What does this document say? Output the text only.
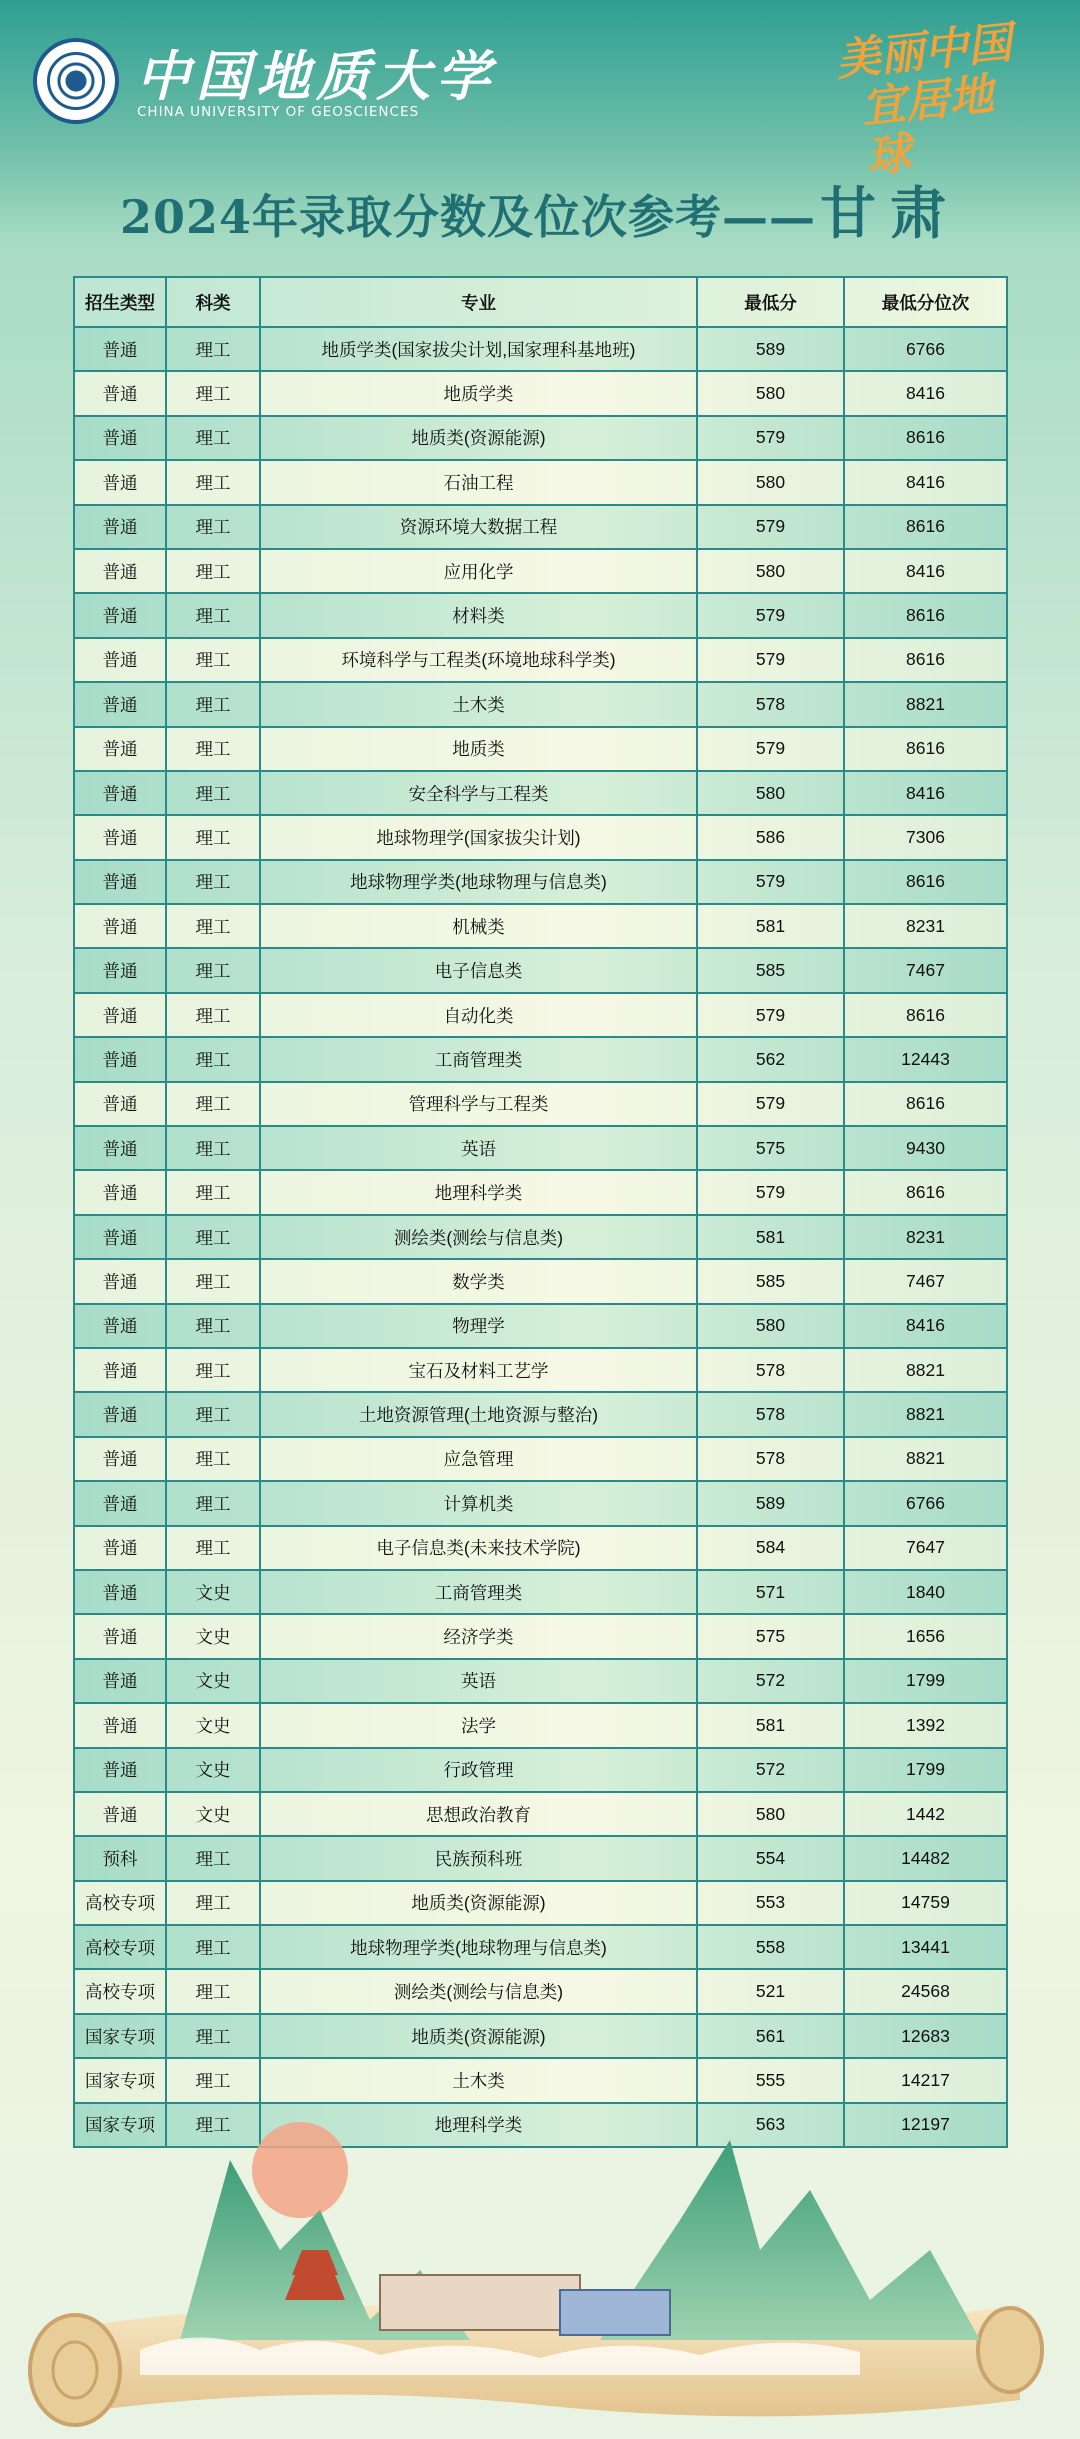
中国地质大学
CHINA UNIVERSITY OF GEOSCIENCES
美丽中国
宜居地球
2024年录取分数及位次参考——甘肃
招生类型	科类	专业	最低分	最低分位次
普通	理工	地质学类(国家拔尖计划,国家理科基地班)	589	6766
普通	理工	地质学类	580	8416
普通	理工	地质类(资源能源)	579	8616
普通	理工	石油工程	580	8416
普通	理工	资源环境大数据工程	579	8616
普通	理工	应用化学	580	8416
普通	理工	材料类	579	8616
普通	理工	环境科学与工程类(环境地球科学类)	579	8616
普通	理工	土木类	578	8821
普通	理工	地质类	579	8616
普通	理工	安全科学与工程类	580	8416
普通	理工	地球物理学(国家拔尖计划)	586	7306
普通	理工	地球物理学类(地球物理与信息类)	579	8616
普通	理工	机械类	581	8231
普通	理工	电子信息类	585	7467
普通	理工	自动化类	579	8616
普通	理工	工商管理类	562	12443
普通	理工	管理科学与工程类	579	8616
普通	理工	英语	575	9430
普通	理工	地理科学类	579	8616
普通	理工	测绘类(测绘与信息类)	581	8231
普通	理工	数学类	585	7467
普通	理工	物理学	580	8416
普通	理工	宝石及材料工艺学	578	8821
普通	理工	土地资源管理(土地资源与整治)	578	8821
普通	理工	应急管理	578	8821
普通	理工	计算机类	589	6766
普通	理工	电子信息类(未来技术学院)	584	7647
普通	文史	工商管理类	571	1840
普通	文史	经济学类	575	1656
普通	文史	英语	572	1799
普通	文史	法学	581	1392
普通	文史	行政管理	572	1799
普通	文史	思想政治教育	580	1442
预科	理工	民族预科班	554	14482
高校专项	理工	地质类(资源能源)	553	14759
高校专项	理工	地球物理学类(地球物理与信息类)	558	13441
高校专项	理工	测绘类(测绘与信息类)	521	24568
国家专项	理工	地质类(资源能源)	561	12683
国家专项	理工	土木类	555	14217
国家专项	理工	地理科学类	563	12197
